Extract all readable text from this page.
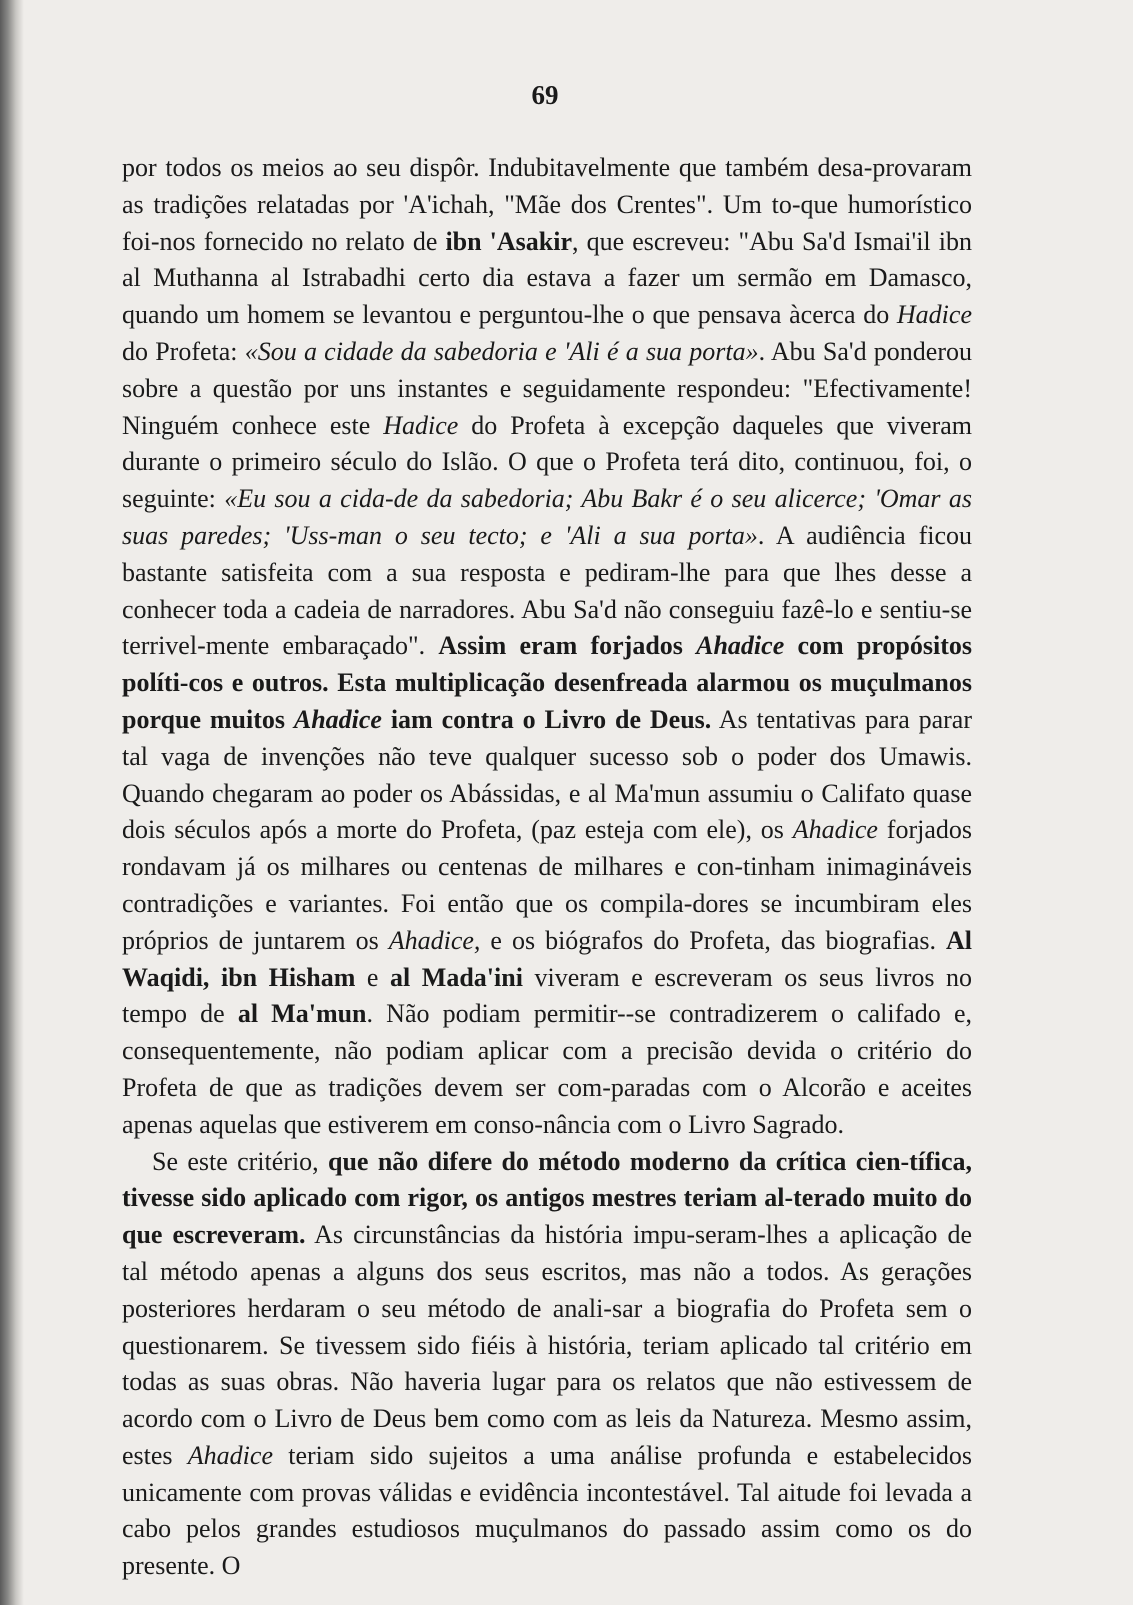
69

por todos os meios ao seu dispôr. Indubitavelmente que também desa-provaram as tradições relatadas por 'A'ichah, "Mãe dos Crentes". Um to-que humorístico foi-nos fornecido no relato de ibn 'Asakir, que escreveu: "Abu Sa'd Ismai'il ibn al Muthanna al Istrabadhi certo dia estava a fazer um sermão em Damasco, quando um homem se levantou e perguntou-lhe o que pensava àcerca do Hadice do Profeta: «Sou a cidade da sabedoria e 'Ali é a sua porta». Abu Sa'd ponderou sobre a questão por uns instantes e seguidamente respondeu: "Efectivamente! Ninguém conhece este Hadice do Profeta à excepção daqueles que viveram durante o primeiro século do Islão. O que o Profeta terá dito, continuou, foi, o seguinte: «Eu sou a cida-de da sabedoria; Abu Bakr é o seu alicerce; 'Omar as suas paredes; 'Uss-man o seu tecto; e 'Ali a sua porta». A audiência ficou bastante satisfeita com a sua resposta e pediram-lhe para que lhes desse a conhecer toda a cadeia de narradores. Abu Sa'd não conseguiu fazê-lo e sentiu-se terrivel-mente embaraçado". Assim eram forjados Ahadice com propósitos políti-cos e outros. Esta multiplicação desenfreada alarmou os muçulmanos porque muitos Ahadice iam contra o Livro de Deus. As tentativas para parar tal vaga de invenções não teve qualquer sucesso sob o poder dos Umawis. Quando chegaram ao poder os Abássidas, e al Ma'mun assumiu o Califato quase dois séculos após a morte do Profeta, (paz esteja com ele), os Ahadice forjados rondavam já os milhares ou centenas de milhares e con-tinham inimagináveis contradições e variantes. Foi então que os compila-dores se incumbiram eles próprios de juntarem os Ahadice, e os biógrafos do Profeta, das biografias. Al Waqidi, ibn Hisham e al Mada'ini viveram e escreveram os seus livros no tempo de al Ma'mun. Não podiam permitir--se contradizerem o califado e, consequentemente, não podiam aplicar com a precisão devida o critério do Profeta de que as tradições devem ser com-paradas com o Alcorão e aceites apenas aquelas que estiverem em conso-nância com o Livro Sagrado.

Se este critério, que não difere do método moderno da crítica cien-tífica, tivesse sido aplicado com rigor, os antigos mestres teriam al-terado muito do que escreveram. As circunstâncias da história impu-seram-lhes a aplicação de tal método apenas a alguns dos seus escritos, mas não a todos. As gerações posteriores herdaram o seu método de anali-sar a biografia do Profeta sem o questionarem. Se tivessem sido fiéis à história, teriam aplicado tal critério em todas as suas obras. Não haveria lugar para os relatos que não estivessem de acordo com o Livro de Deus bem como com as leis da Natureza. Mesmo assim, estes Ahadice teriam sido sujeitos a uma análise profunda e estabelecidos unicamente com provas válidas e evidência incontestável. Tal aitude foi levada a cabo pelos grandes estudiosos muçulmanos do passado assim como os do presente. O
